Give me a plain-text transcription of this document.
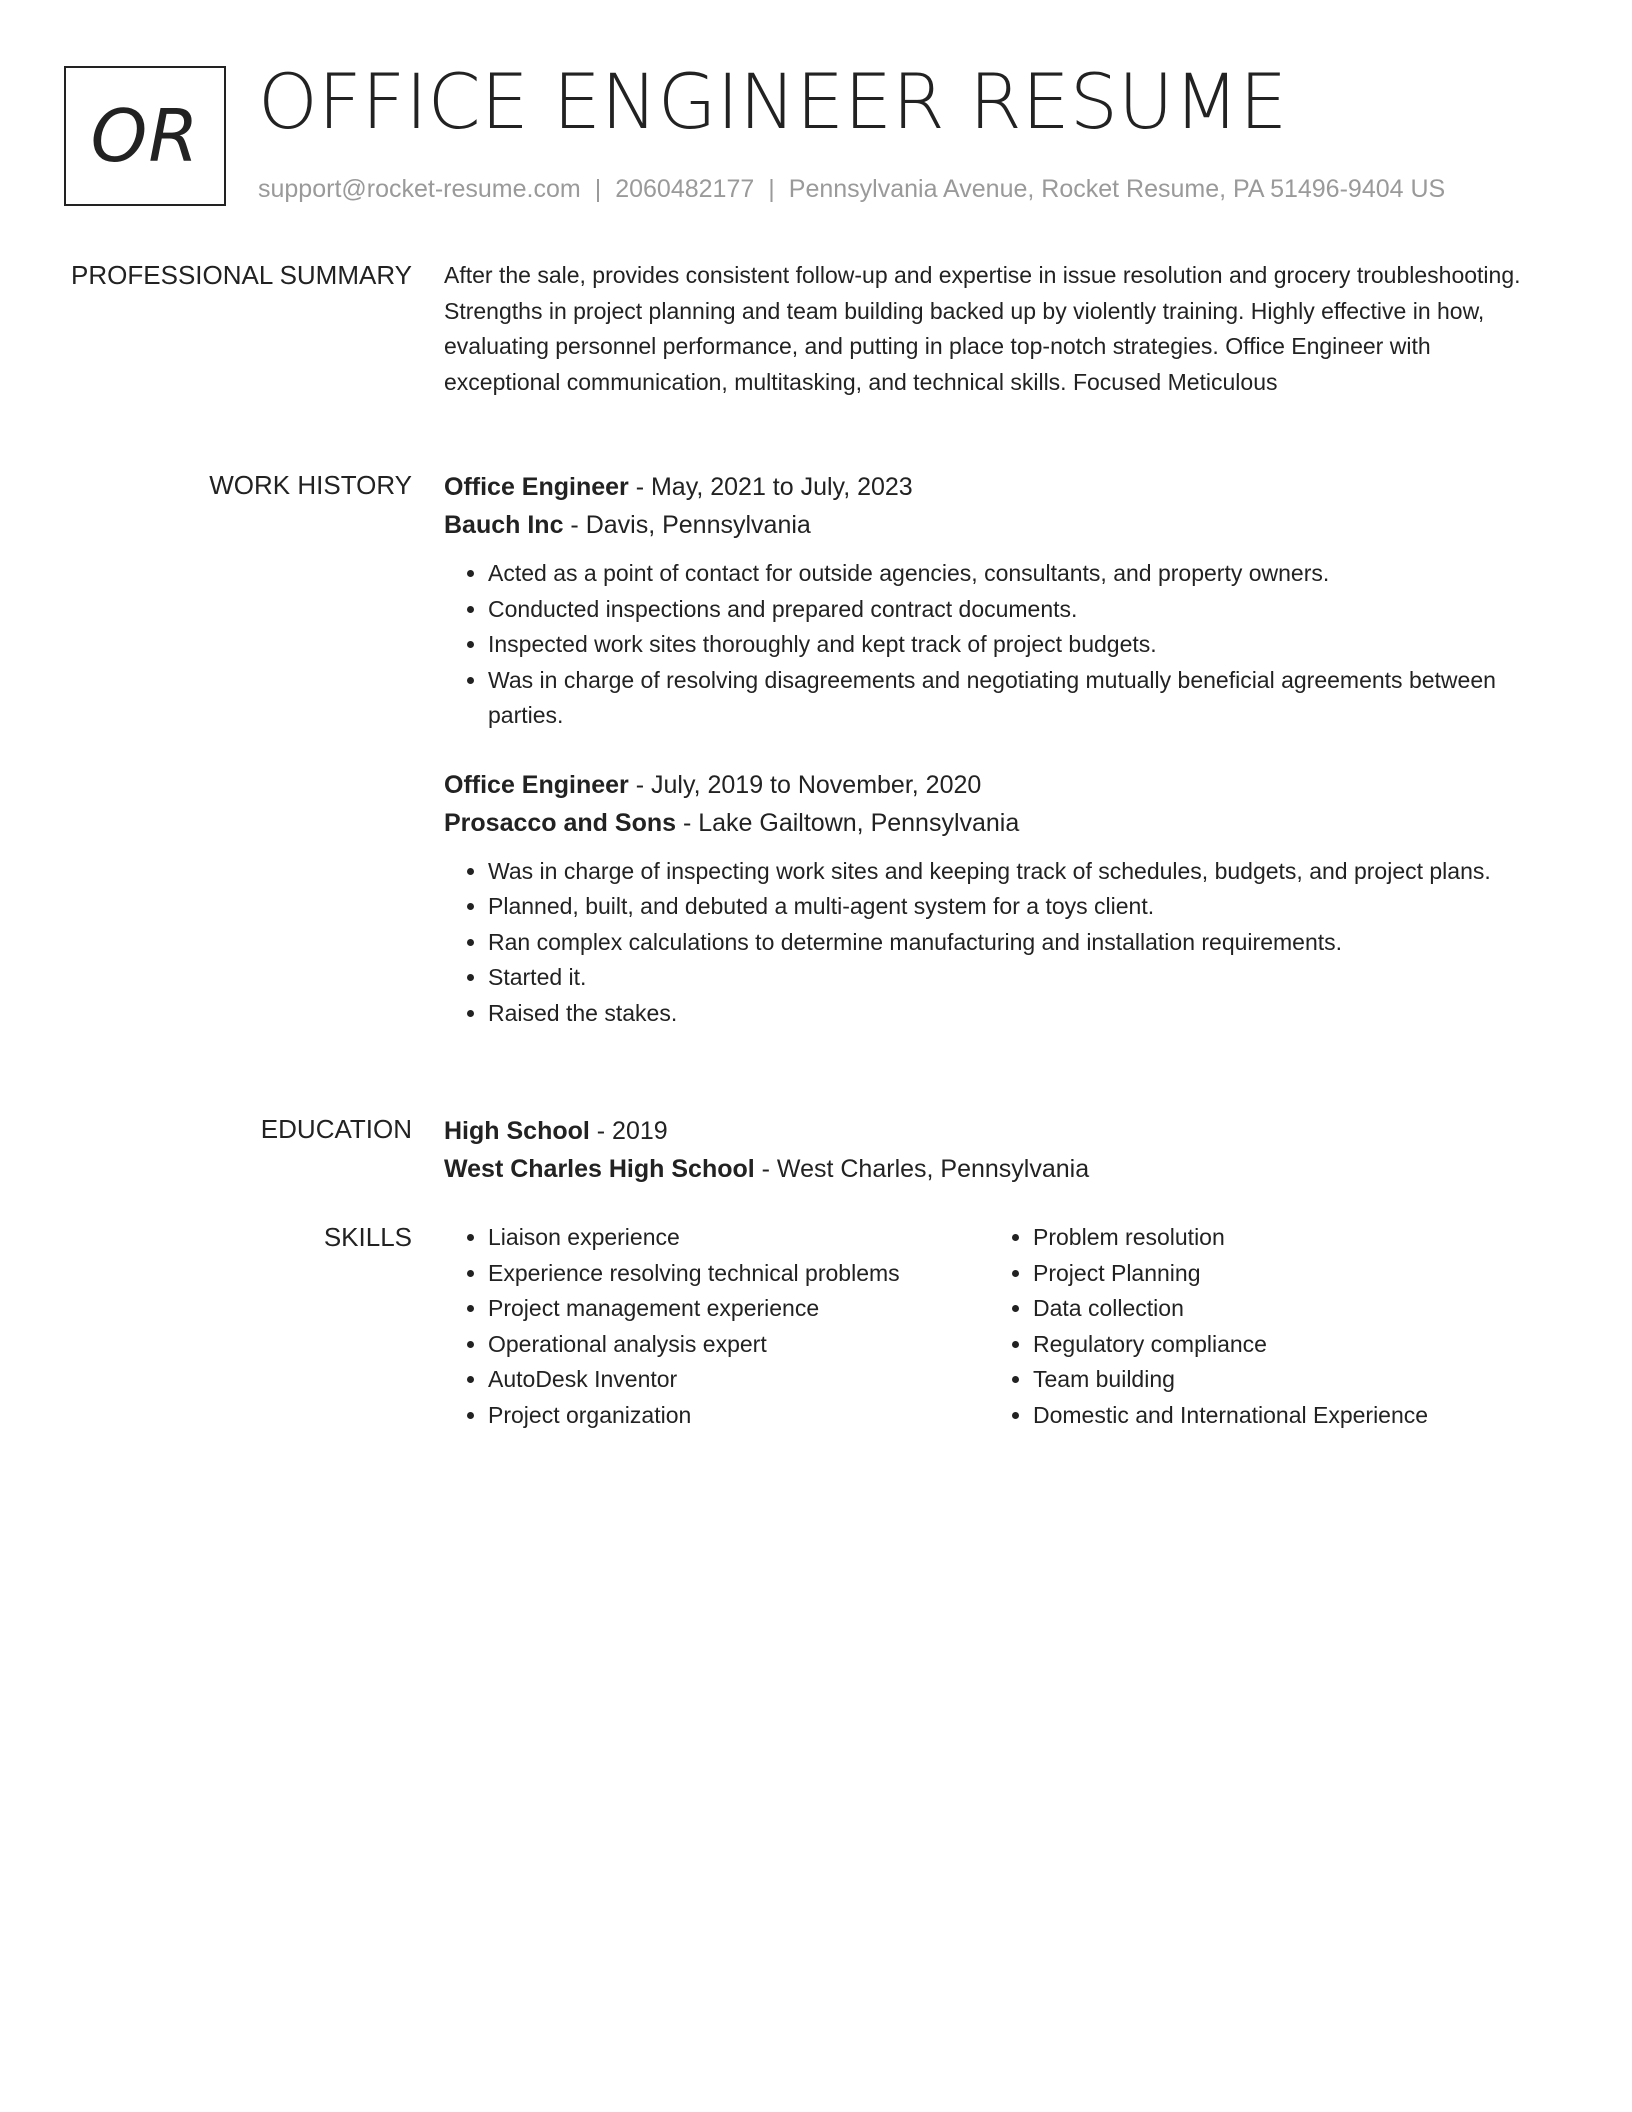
OR OFFICE ENGINEER RESUME
support@rocket-resume.com | 2060482177 | Pennsylvania Avenue, Rocket Resume, PA 51496-9404 US
PROFESSIONAL SUMMARY After the sale, provides consistent follow-up and expertise in issue resolution and grocery troubleshooting. Strengths in project planning and team building backed up by violently training. Highly effective in how, evaluating personnel performance, and putting in place top-notch strategies. Office Engineer with exceptional communication, multitasking, and technical skills. Focused Meticulous

WORK HISTORY Office Engineer - May, 2021 to July, 2023

Bauch Inc - Davis, Pennsylvania

• Acted as a point of contact for outside agencies, consultants, and property owners.
• Conducted inspections and prepared contract documents.
• Inspected work sites thoroughly and kept track of project budgets.
• Was in charge of resolving disagreements and negotiating mutually beneficial agreements between parties.

Office Engineer - July, 2019 to November, 2020

Prosacco and Sons - Lake Gailtown, Pennsylvania

• Was in charge of inspecting work sites and keeping track of schedules, budgets, and project plans.
• Planned, built, and debuted a multi-agent system for a toys client.
• Ran complex calculations to determine manufacturing and installation requirements.
• Started it.
• Raised the stakes.
EDUCATION High School - 2019

West Charles High School - West Charles, Pennsylvania

SKILLS
•	Liaison experience
• Experience resolving technical problems
• Project management experience
• Operational analysis expert
• AutoDesk Inventor
• Project organization
• Problem resolution
• Project Planning
• Data collection
• Regulatory compliance
• Team building
• Domestic and International Experience
